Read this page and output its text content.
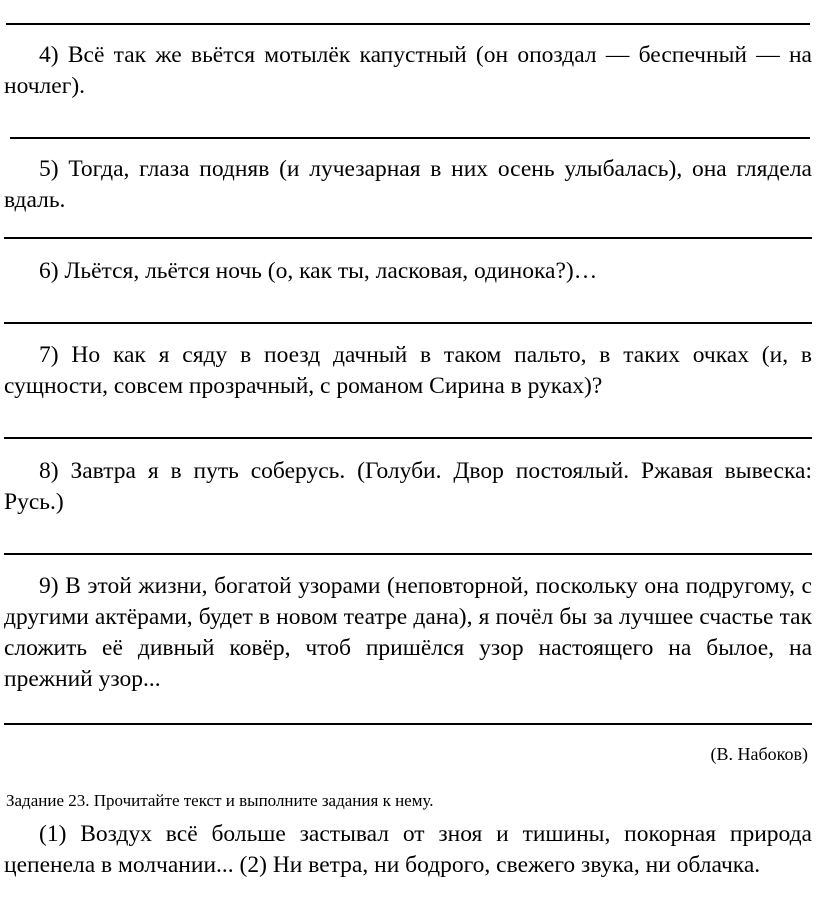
4) Всё так же вьётся мотылёк капустный (он опоздал — беспечный — на ночлег).

5) Тогда, глаза подняв (и лучезарная в них осень улыбалась), она глядела вдаль.

6) Льётся, льётся ночь (о, как ты, ласковая, одинока?)…

7) Но как я сяду в поезд дачный в таком пальто, в таких очках (и, в сущности, совсем прозрачный, с романом Сирина в руках)?

8) Завтра я в путь соберусь. (Голуби. Двор постоялый. Ржавая вывеска: Русь.)

9) В этой жизни, богатой узорами (неповторной, поскольку она подругому, с другими актёрами, будет в новом театре дана), я почёл бы за лучшее счастье так сложить её дивный ковёр, чтоб пришёлся узор настоящего на былое, на прежний узор...

(В. Набоков)

Задание 23. Прочитайте текст и выполните задания к нему.

(1) Воздух всё больше застывал от зноя и тишины, покорная природа цепенела в молчании... (2) Ни ветра, ни бодрого, свежего звука, ни облачка.
